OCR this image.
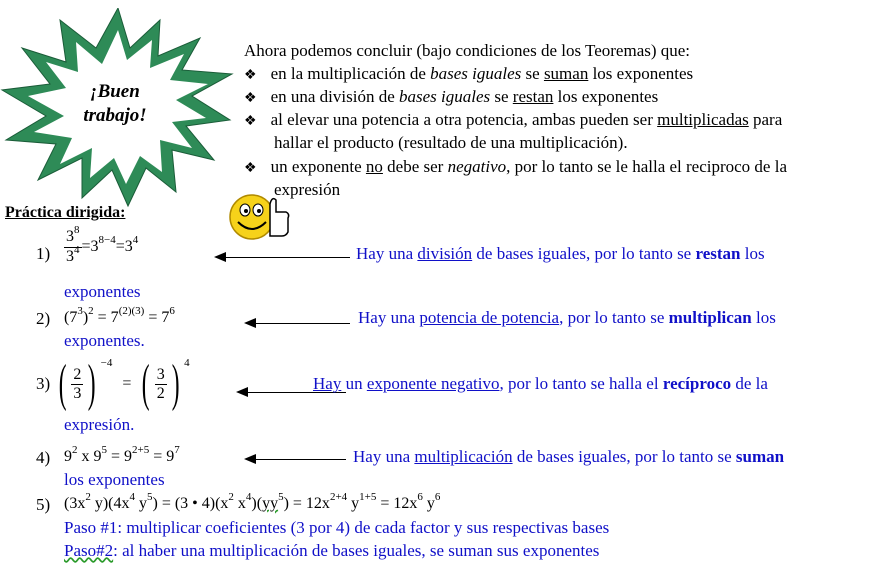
¡Buen
trabajo!
Ahora podemos concluir (bajo condiciones de los Teoremas) que:
❖ en la multiplicación de bases iguales se suman los exponentes
❖ en una división de bases iguales se restan los exponentes
❖ al elevar una potencia a otra potencia, ambas pueden ser multiplicadas para
hallar el producto (resultado de una multiplicación).
❖ un exponente no debe ser negativo, por lo tanto se le halla el reciproco de la
expresión
Práctica dirigida:
$1) \frac{3^8}{3^4} =3^{8-4}=3^4$
Hay una división de bases iguales, por lo tanto se restan los
exponentes
2) $(7^3)^2 = 7^{(2)(3)} = 7^6$	Hay una potencia de potencia, por lo tanto se multiplican los
exponentes.
3) ( $\frac{2}{3}$ ) $^{-4}$ = ( $\frac{3}{2}$ ) $^4$
Hay un exponente negativo, por lo tanto se halla el recíproco de la
expresión.
4) $9^2$ x $9^5 = 9^{2+5} = 9^7$	Hay una multiplicación de bases iguales, por lo tanto se suman
los exponentes
5) ($3x^2$ $y)(4x^4$ $y^5) = (3$ • $4)(x^2$ $x^4)(yy^5) = 12x^{2+4}$ $y^{1+5} = 12x^6$ $y^6$
Paso #1: multiplicar coeficientes (3 por 4) de cada factor y sus respectivas bases
Paso#2: al haber una multiplicación de bases iguales, se suman sus exponentes
